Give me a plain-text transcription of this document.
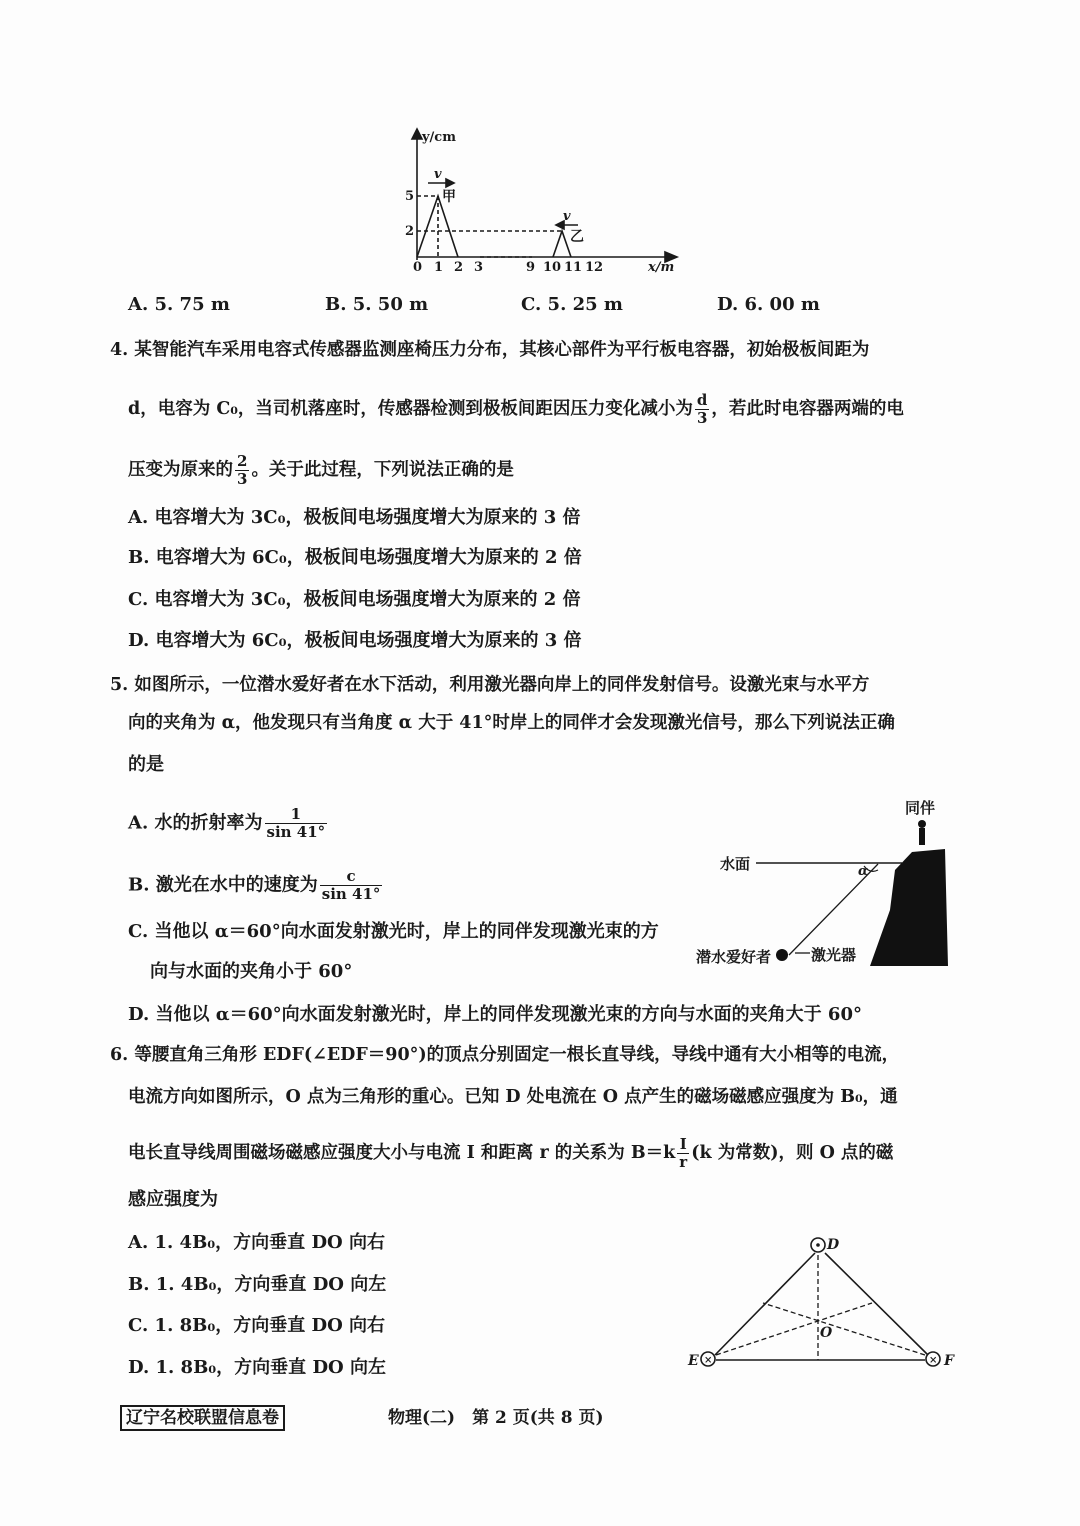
y/cm
x/m
5
2
0 1 2 3	9 10 11 12
甲
乙
v
v
A. 5. 75 m	B. 5. 50 m	C. 5. 25 m	D. 6. 00 m
4. 某智能汽车采用电容式传感器监测座椅压力分布，其核心部件为平行板电容器，初始极板间距为
d，电容为 C₀，当司机落座时，传感器检测到极板间距因压力变化减小为 $\frac{d}{3}$ ，若此时电容器两端的电
压变为原来的 $\frac{2}{3}$ 。关于此过程，下列说法正确的是
A. 电容增大为 3C₀，极板间电场强度增大为原来的 3 倍
B. 电容增大为 6C₀，极板间电场强度增大为原来的 2 倍
C. 电容增大为 3C₀，极板间电场强度增大为原来的 2 倍
D. 电容增大为 6C₀，极板间电场强度增大为原来的 3 倍
5. 如图所示，一位潜水爱好者在水下活动，利用激光器向岸上的同伴发射信号。设激光束与水平方
向的夹角为 α，他发现只有当角度 α 大于 41°时岸上的同伴才会发现激光信号，那么下列说法正确
的是
A. 水的折射率为 $\frac{1}{\sin 41^\circ}$
B. 激光在水中的速度为 $\frac{c}{\sin 41^\circ}$
C. 当他以 α＝60°向水面发射激光时，岸上的同伴发现激光束的方
向与水面的夹角小于 60°
D. 当他以 α＝60°向水面发射激光时，岸上的同伴发现激光束的方向与水面的夹角大于 60°
同伴
水面	α
潜水爱好者	激光器
6. 等腰直角三角形 EDF(∠EDF＝90°)的顶点分别固定一根长直导线，导线中通有大小相等的电流，
电流方向如图所示，O 点为三角形的重心。已知 D 处电流在 O 点产生的磁场磁感应强度为 B₀，通
电长直导线周围磁场磁感应强度大小与电流 I 和距离 r 的关系为 $B=k \frac{I}{r} (k$ 为常数)，则 O 点的磁
感应强度为
A. 1. 4B₀，方向垂直 DO 向右
B. 1. 4B₀，方向垂直 DO 向左
C. 1. 8B₀，方向垂直 DO 向右
D. 1. 8B₀，方向垂直 DO 向左	×	×
D
E	F
O
辽宁名校联盟信息卷	物理(二)　第 2 页(共 8 页)
